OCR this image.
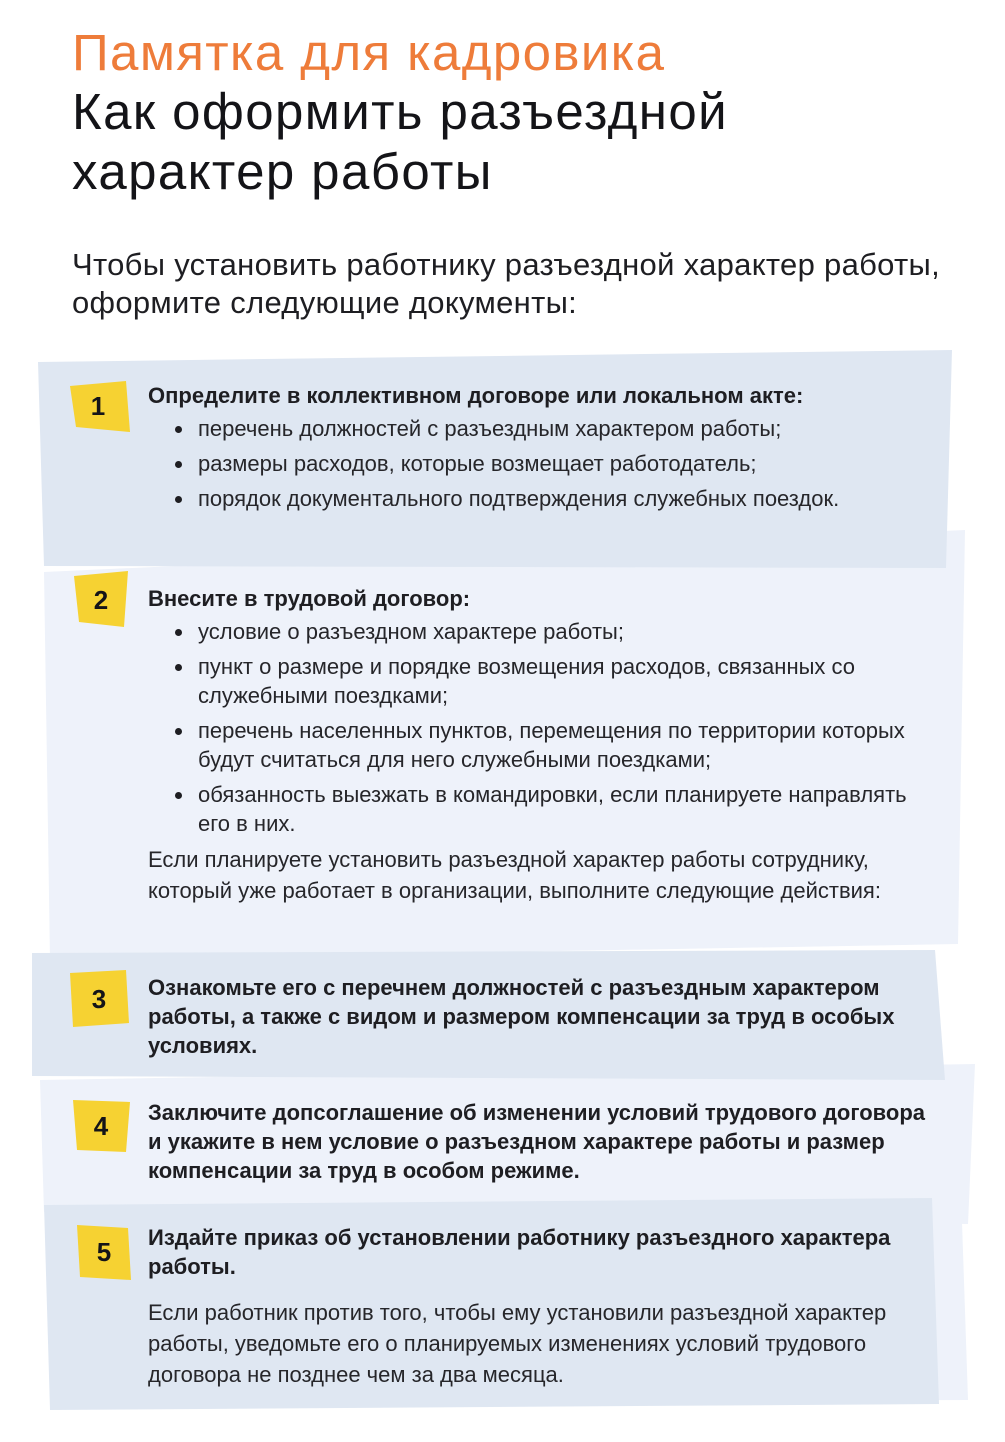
Памятка для кадровика
Как оформить разъездной
характер работы

Чтобы установить работнику разъездной характер работы, оформите следующие документы:

1
2
3
4
5

Определите в коллективном договоре или локальном акте:

перечень должностей с разъездным характером работы;
размеры расходов, которые возмещает работодатель;
порядок документального подтверждения служебных поездок.

Внесите в трудовой договор:

условие о разъездном характере работы;
пункт о размере и порядке возмещения расходов, связанных со служебными поездками;
перечень населенных пунктов, перемещения по территории которых будут считаться для него служебными поездками;
обязанность выезжать в командировки, если планируете направлять его в них.

Если планируете установить разъездной характер работы сотруднику, который уже работает в организации, выполните следующие действия:

Ознакомьте его с перечнем должностей с разъездным характером работы, а также с видом и размером компенсации за труд в особых условиях.

Заключите допсоглашение об изменении условий трудового договора и укажите в нем условие о разъездном характере работы и размер компенсации за труд в особом режиме.

Издайте приказ об установлении работнику разъездного характера работы.

Если работник против того, чтобы ему установили разъездной характер работы, уведомьте его о планируемых изменениях условий трудового договора не позднее чем за два месяца.
